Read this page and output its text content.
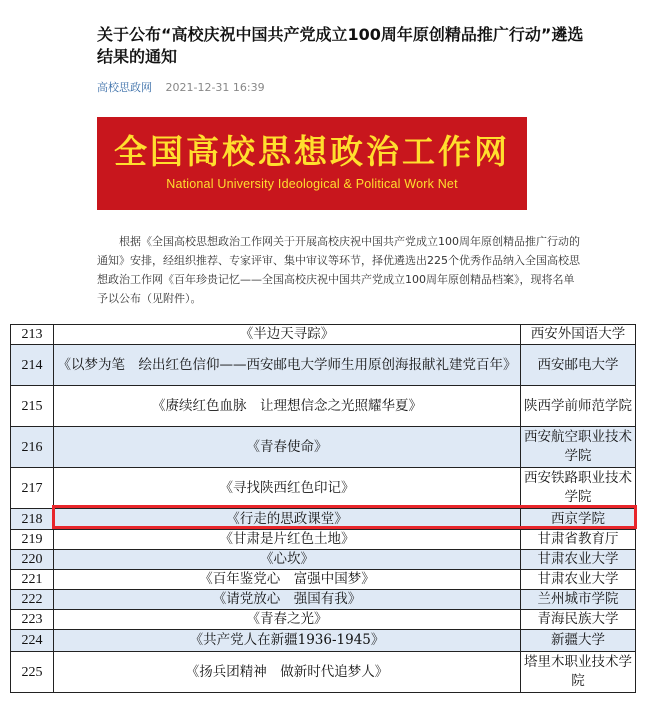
关于公布“高校庆祝中国共产党成立100周年原创精品推广行动”遴选结果的通知
高校思政网 2021-12-31 16:39
全国高校思想政治工作网
National University Ideological & Political Work Net
根据《全国高校思想政治工作网关于开展高校庆祝中国共产党成立100周年原创精品推广行动的通知》安排，经组织推荐、专家评审、集中审议等环节，择优遴选出225个优秀作品纳入全国高校思想政治工作网《百年珍贵记忆——全国高校庆祝中国共产党成立100周年原创精品档案》，现将名单予以公布（见附件）。
213	《半边天寻踪》	西安外国语大学
214	《以梦为笔　绘出红色信仰——西安邮电大学师生用原创海报献礼建党百年》	西安邮电大学
215	《赓续红色血脉　让理想信念之光照耀华夏》	陕西学前师范学院
216	《青春使命》	西安航空职业技术学院
217	《寻找陕西红色印记》	西安铁路职业技术学院
218	《行走的思政课堂》	西京学院
219	《甘肃是片红色土地》	甘肃省教育厅
220	《心坎》	甘肃农业大学
221	《百年鉴党心　富强中国梦》	甘肃农业大学
222	《请党放心　强国有我》	兰州城市学院
223	《青春之光》	青海民族大学
224	《共产党人在新疆1936-1945》	新疆大学
225	《扬兵团精神　做新时代追梦人》	塔里木职业技术学院
